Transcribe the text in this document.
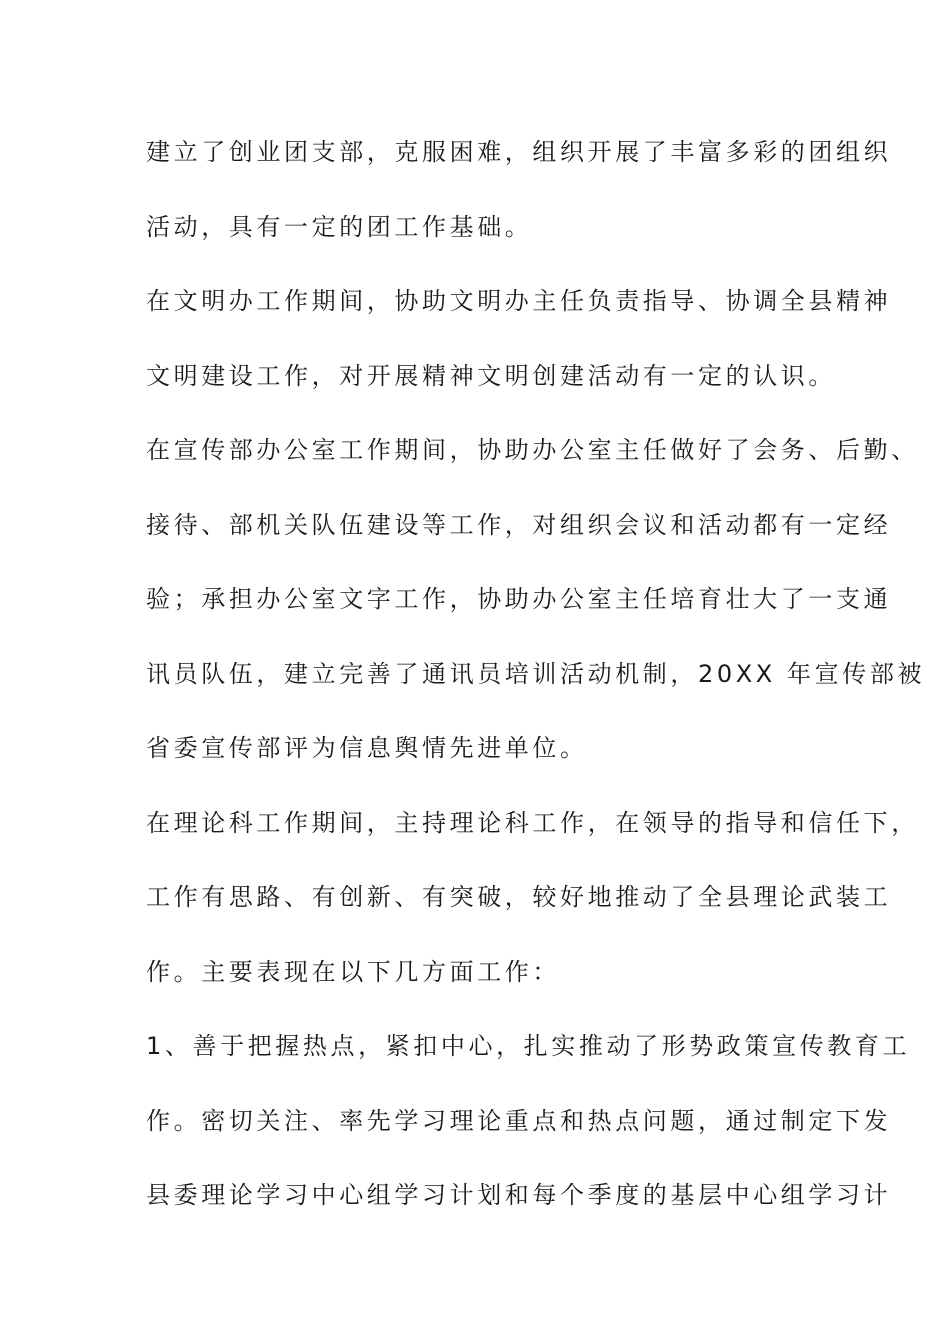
建立了创业团支部，克服困难，组织开展了丰富多彩的团组织
活动，具有一定的团工作基础。
在文明办工作期间，协助文明办主任负责指导、协调全县精神
文明建设工作，对开展精神文明创建活动有一定的认识。
在宣传部办公室工作期间，协助办公室主任做好了会务、后勤、
接待、部机关队伍建设等工作，对组织会议和活动都有一定经
验；承担办公室文字工作，协助办公室主任培育壮大了一支通
讯员队伍，建立完善了通讯员培训活动机制，20XX 年宣传部被
省委宣传部评为信息舆情先进单位。
在理论科工作期间，主持理论科工作，在领导的指导和信任下，
工作有思路、有创新、有突破，较好地推动了全县理论武装工
作。主要表现在以下几方面工作：
1、善于把握热点，紧扣中心，扎实推动了形势政策宣传教育工
作。密切关注、率先学习理论重点和热点问题，通过制定下发
县委理论学习中心组学习计划和每个季度的基层中心组学习计
